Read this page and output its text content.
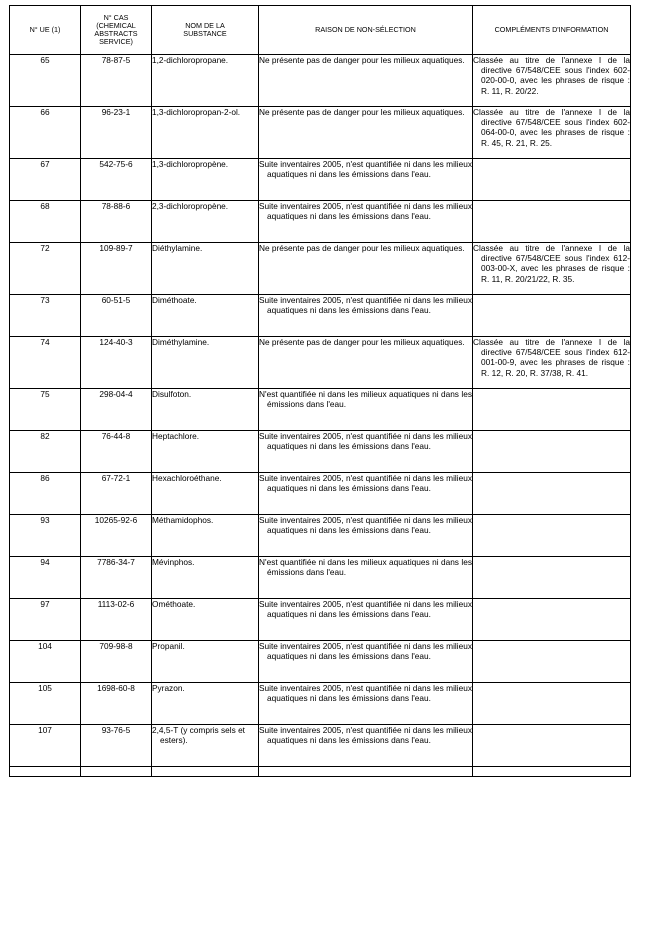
N° UE (1)	N° CAS (CHEMICAL ABSTRACTS SERVICE)	NOM DE LA SUBSTANCE	RAISON DE NON-SÉLECTION	COMPLÉMENTS D'INFORMATION
65	78-87-5	1,2-dichloropropane.	Ne présente pas de danger pour les milieux aquatiques.	Classée au titre de l'annexe I de la directive 67/548/CEE sous l'index 602-020-00-0, avec les phrases de risque : R. 11, R. 20/22.

66	96-23-1	1,3-dichloropropan-2-ol.	Ne présente pas de danger pour les milieux aquatiques.	Classée au titre de l'annexe I de la directive 67/548/CEE sous l'index 602-064-00-0, avec les phrases de risque : R. 45, R. 21, R. 25.

67	542-75-6	1,3-dichloropropène.	Suite inventaires 2005, n'est quantifiée ni dans les milieux aquatiques ni dans les émissions dans l'eau.	

68	78-88-6	2,3-dichloropropène.	Suite inventaires 2005, n'est quantifiée ni dans les milieux aquatiques ni dans les émissions dans l'eau.	

72	109-89-7	Diéthylamine.	Ne présente pas de danger pour les milieux aquatiques.	Classée au titre de l'annexe I de la directive 67/548/CEE sous l'index 612-003-00-X, avec les phrases de risque : R. 11, R. 20/21/22, R. 35.

73	60-51-5	Diméthoate.	Suite inventaires 2005, n'est quantifiée ni dans les milieux aquatiques ni dans les émissions dans l'eau.	

74	124-40-3	Diméthylamine.	Ne présente pas de danger pour les milieux aquatiques.	Classée au titre de l'annexe I de la directive 67/548/CEE sous l'index 612-001-00-9, avec les phrases de risque : R. 12, R. 20, R. 37/38, R. 41.

75	298-04-4	Disulfoton.	N'est quantifiée ni dans les milieux aquatiques ni dans les émissions dans l'eau.	

82	76-44-8	Heptachlore.	Suite inventaires 2005, n'est quantifiée ni dans les milieux aquatiques ni dans les émissions dans l'eau.	

86	67-72-1	Hexachloroéthane.	Suite inventaires 2005, n'est quantifiée ni dans les milieux aquatiques ni dans les émissions dans l'eau.	

93	10265-92-6	Méthamidophos.	Suite inventaires 2005, n'est quantifiée ni dans les milieux aquatiques ni dans les émissions dans l'eau.	

94	7786-34-7	Mévinphos.	N'est quantifiée ni dans les milieux aquatiques ni dans les émissions dans l'eau.	

97	1113-02-6	Ométhoate.	Suite inventaires 2005, n'est quantifiée ni dans les milieux aquatiques ni dans les émissions dans l'eau.	

104	709-98-8	Propanil.	Suite inventaires 2005, n'est quantifiée ni dans les milieux aquatiques ni dans les émissions dans l'eau.	

105	1698-60-8	Pyrazon.	Suite inventaires 2005, n'est quantifiée ni dans les milieux aquatiques ni dans les émissions dans l'eau.	

107	93-76-5	2,4,5-T (y compris sels et esters).	Suite inventaires 2005, n'est quantifiée ni dans les milieux aquatiques ni dans les émissions dans l'eau.	
